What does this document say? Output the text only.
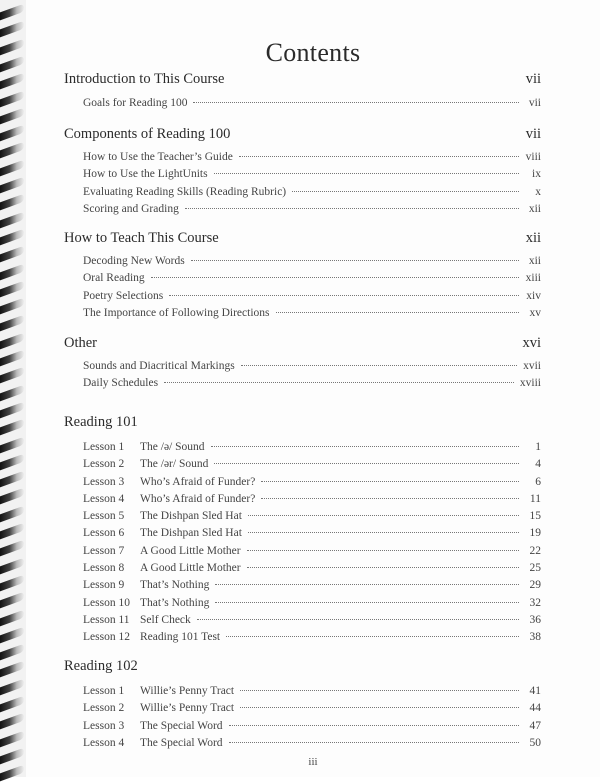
Contents
Introduction to This Course	vii
Goals for Reading 100	vii
Components of Reading 100	vii
How to Use the Teacher’s Guide	viii
How to Use the LightUnits	ix
Evaluating Reading Skills (Reading Rubric)	x
Scoring and Grading	xii
How to Teach This Course	xii
Decoding New Words	xii
Oral Reading	xiii
Poetry Selections	xiv
The Importance of Following Directions	xv
Other	xvi
Sounds and Diacritical Markings	xvii
Daily Schedules	xviii
Reading 101
Lesson 1	The /ə/ Sound	1
Lesson 2	The /ər/ Sound	4
Lesson 3	Who’s Afraid of Funder?	6
Lesson 4	Who’s Afraid of Funder?	11
Lesson 5	The Dishpan Sled Hat	15
Lesson 6	The Dishpan Sled Hat	19
Lesson 7	A Good Little Mother	22
Lesson 8	A Good Little Mother	25
Lesson 9	That’s Nothing	29
Lesson 10 That’s Nothing	32
Lesson 11 Self Check	36
Lesson 12 Reading 101 Test	38
Reading 102
Lesson 1	Willie’s Penny Tract	41
Lesson 2	Willie’s Penny Tract	44
Lesson 3	The Special Word	47
Lesson 4	The Special Word	50
iii
